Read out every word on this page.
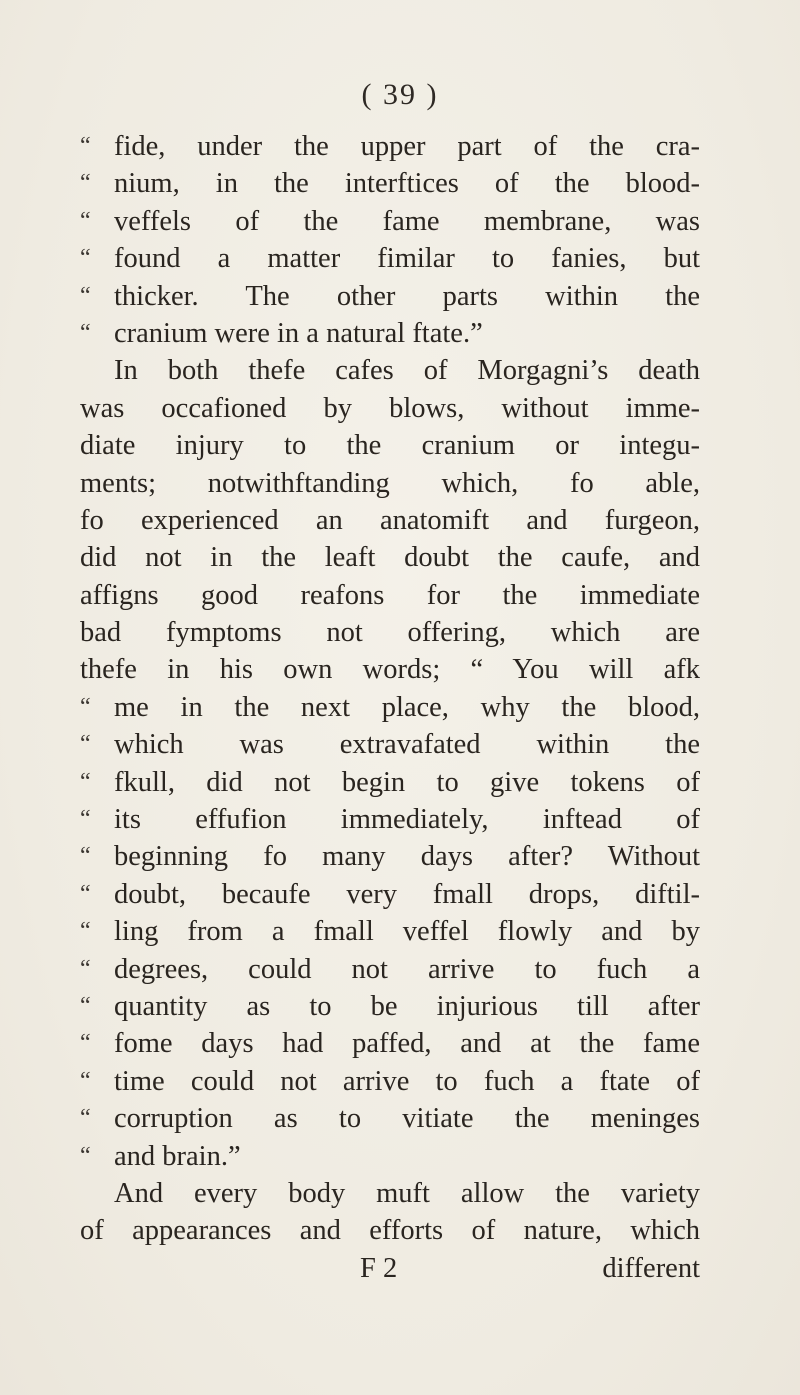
( 39 )
“ fide, under the upper part of the cra-
“ nium, in the interftices of the blood-
“ veffels of the fame membrane, was
“ found a matter fimilar to fanies, but
“ thicker. The other parts within the
“ cranium were in a natural ftate.”
In both thefe cafes of Morgagni’s death
was occafioned by blows, without imme-
diate injury to the cranium or integu-
ments; notwithftanding which, fo able,
fo experienced an anatomift and furgeon,
did not in the leaft doubt the caufe, and
affigns good reafons for the immediate
bad fymptoms not offering, which are
thefe in his own words; “ You will afk
“ me in the next place, why the blood,
“ which was extravafated within the
“ fkull, did not begin to give tokens of
“ its effufion immediately, inftead of
“ beginning fo many days after? Without
“ doubt, becaufe very fmall drops, diftil-
“ ling from a fmall veffel flowly and by
“ degrees, could not arrive to fuch a
“ quantity as to be injurious till after
“ fome days had paffed, and at the fame
“ time could not arrive to fuch a ftate of
“ corruption as to vitiate the meninges
“ and brain.”
And every body muft allow the variety
of appearances and efforts of nature, which
F 2	different
